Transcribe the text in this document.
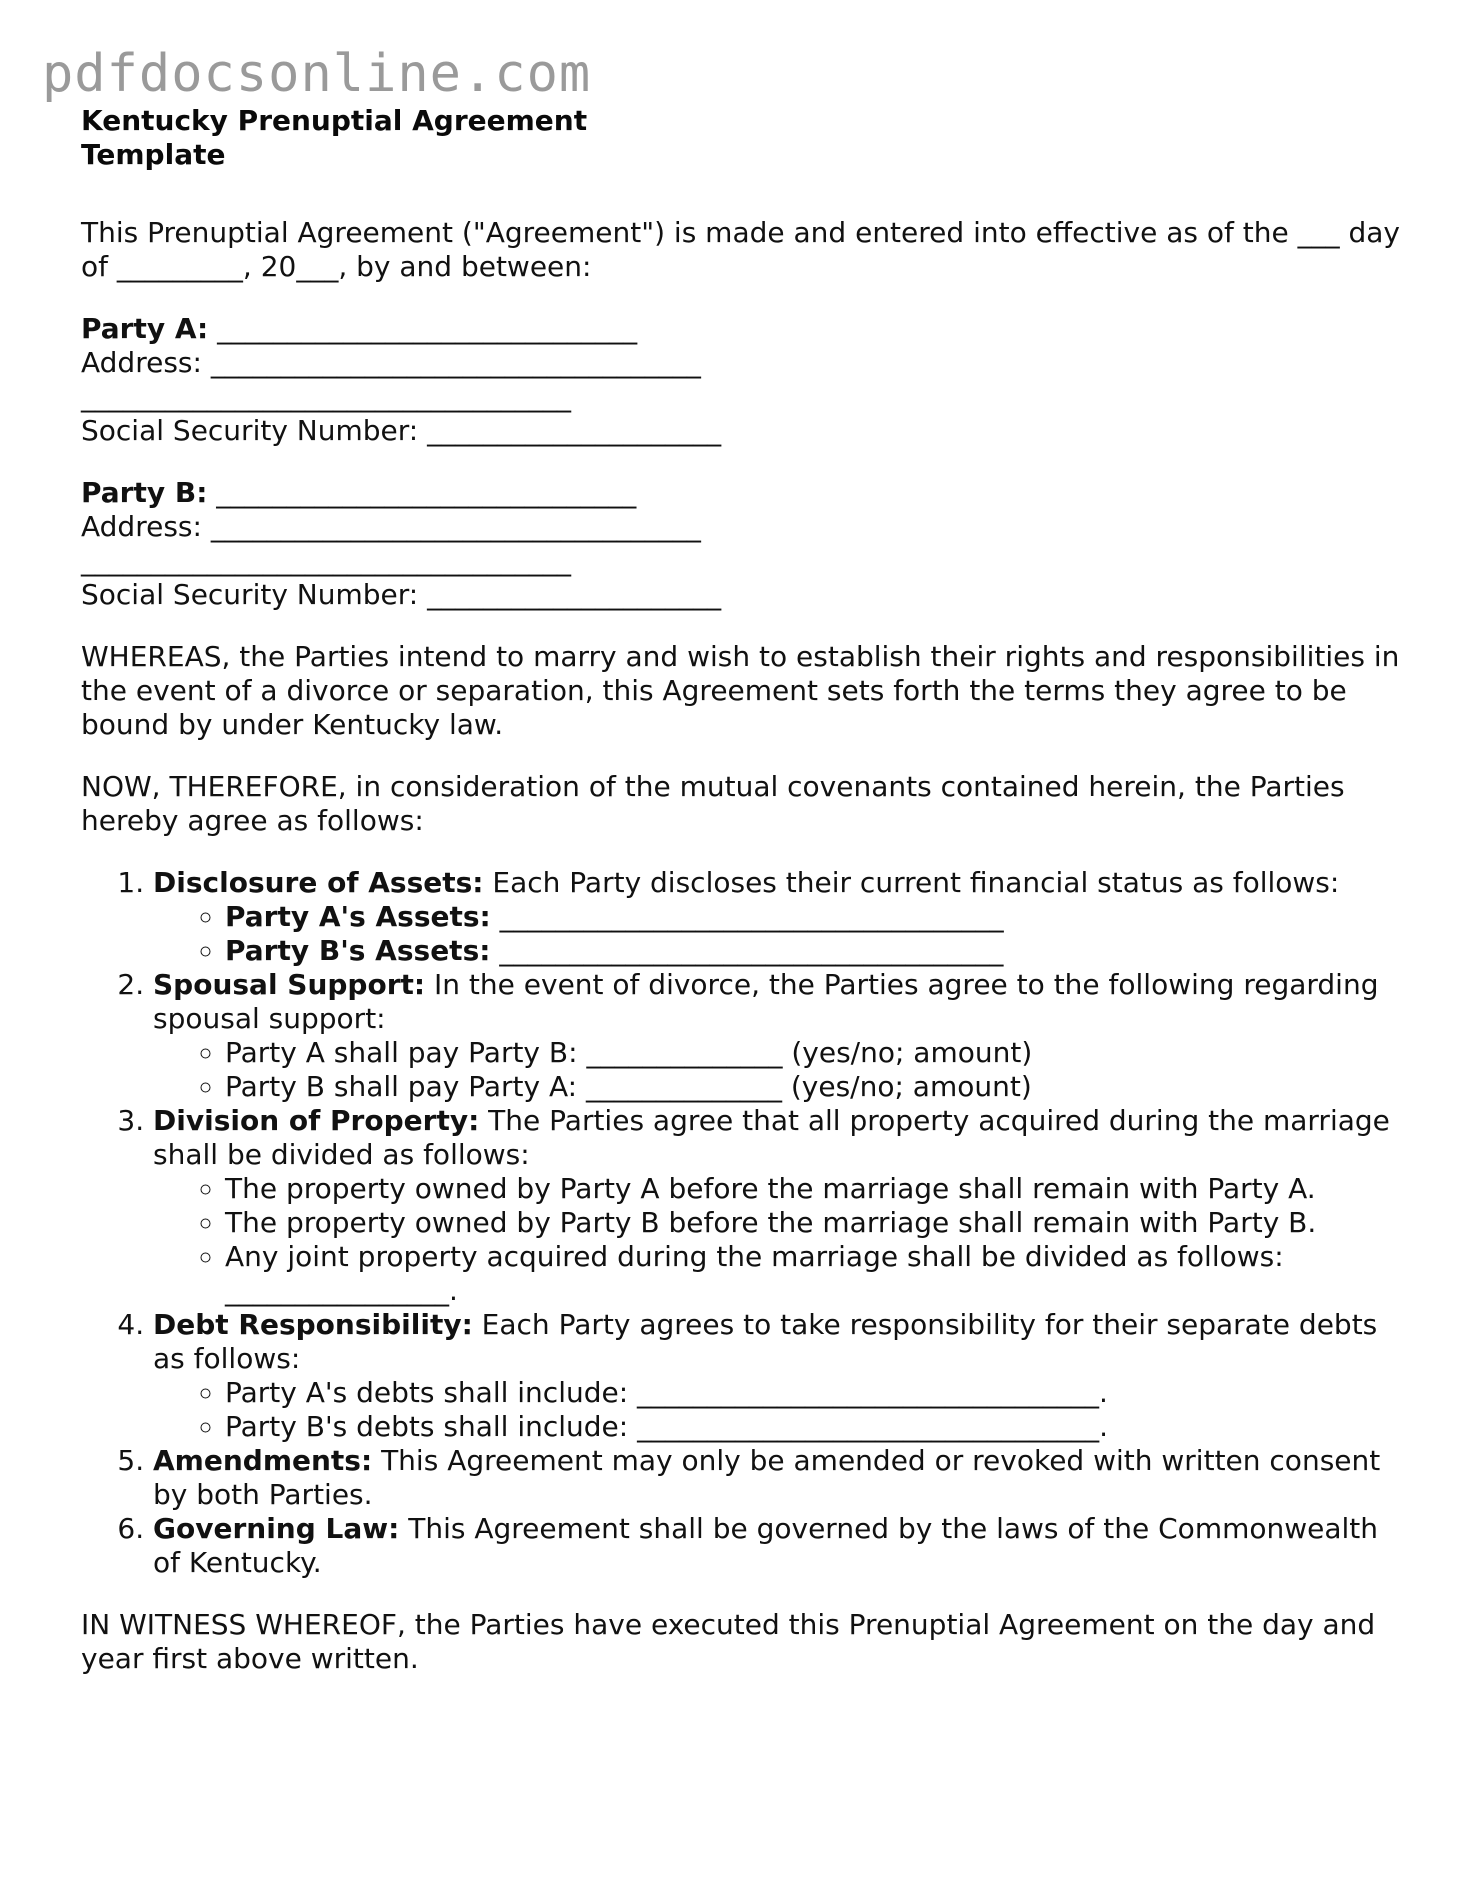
pdfdocsonline.com
Kentucky Prenuptial Agreement
Template

This Prenuptial Agreement ("Agreement") is made and entered into effective as of the ___ day of _________, 20___, by and between:

Party A: ______________________________
Address: ___________________________________
___________________________________
Social Security Number: _____________________
Party B: ______________________________
Address: ___________________________________
___________________________________
Social Security Number: _____________________

WHEREAS, the Parties intend to marry and wish to establish their rights and responsibilities in the event of a divorce or separation, this Agreement sets forth the terms they agree to be bound by under Kentucky law.

NOW, THEREFORE, in consideration of the mutual covenants contained herein, the Parties hereby agree as follows:

1. Disclosure of Assets: Each Party discloses their current financial status as follows:
◦ Party A's Assets: ____________________________________
◦ Party B's Assets: ____________________________________
2. Spousal Support: In the event of divorce, the Parties agree to the following regarding spousal support:
◦ Party A shall pay Party B: ______________ (yes/no; amount)
◦ Party B shall pay Party A: ______________ (yes/no; amount)
3. Division of Property: The Parties agree that all property acquired during the marriage shall be divided as follows:
◦ The property owned by Party A before the marriage shall remain with Party A.
◦ The property owned by Party B before the marriage shall remain with Party B.
◦ Any joint property acquired during the marriage shall be divided as follows: ________________.
4. Debt Responsibility: Each Party agrees to take responsibility for their separate debts as follows:
◦ Party A's debts shall include: _________________________________.
◦ Party B's debts shall include: _________________________________.
5. Amendments: This Agreement may only be amended or revoked with written consent by both Parties.
6. Governing Law: This Agreement shall be governed by the laws of the Commonwealth of Kentucky.

IN WITNESS WHEREOF, the Parties have executed this Prenuptial Agreement on the day and year first above written.
